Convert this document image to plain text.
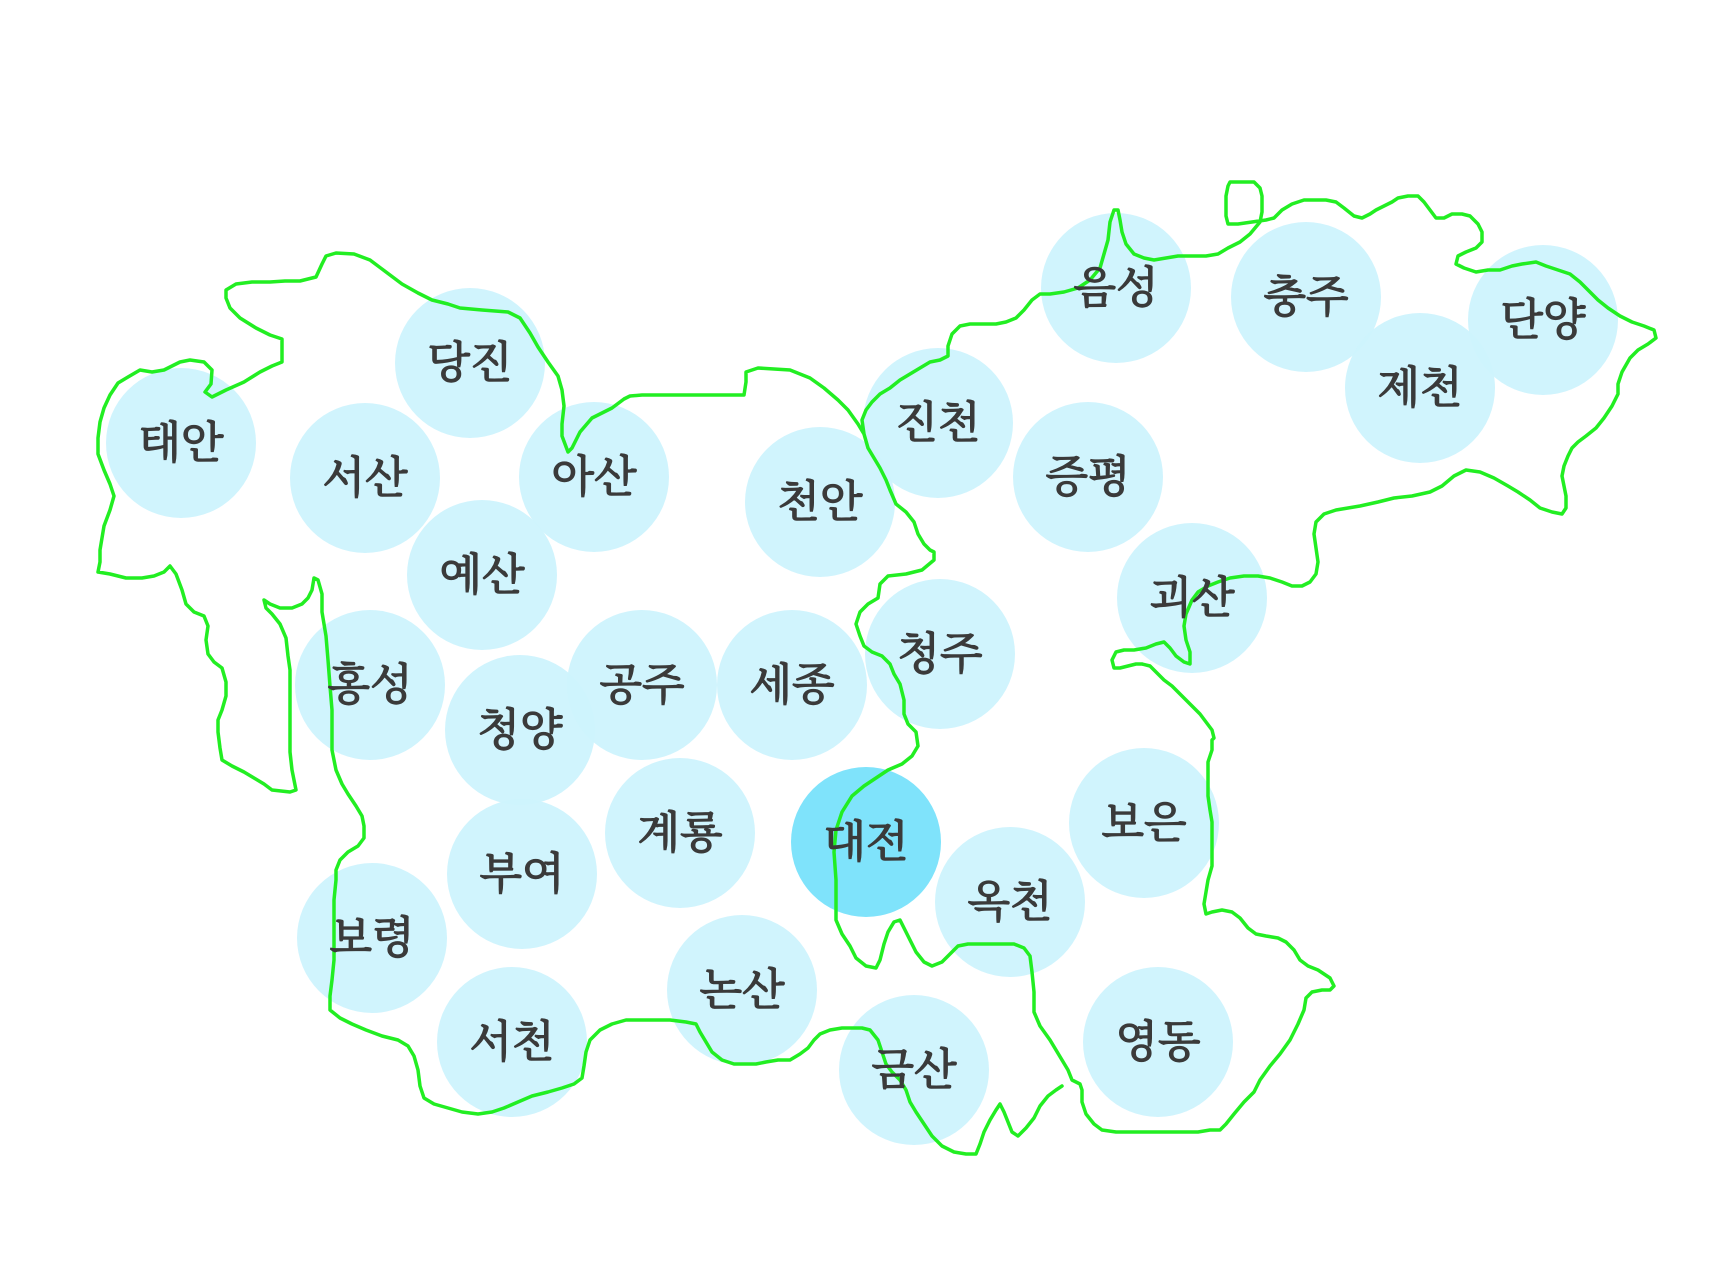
태안
당진
서산	아산
예산
천안
진천
음성 충주	단양
제천
증평
괴산
홍성
청양
공주 세종
청주
계룡
부여
대전	보은
옥천
보령
서천
논산
금산
영동
